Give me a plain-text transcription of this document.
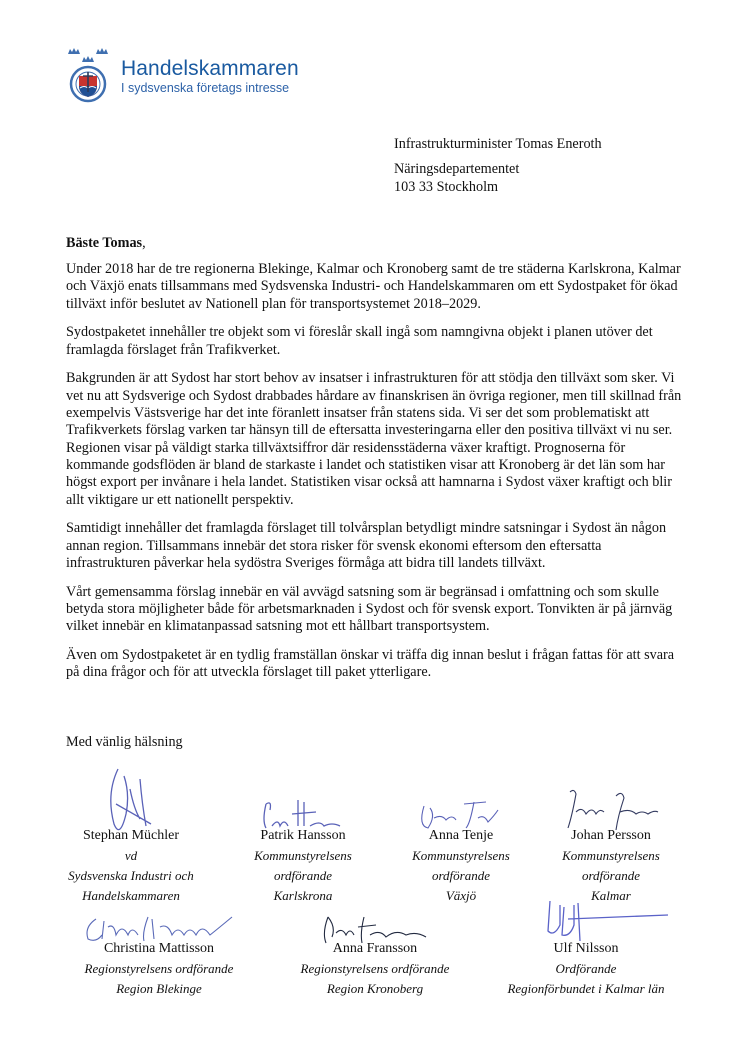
Handelskammaren
I sydsvenska företags intresse
Infrastrukturminister Tomas Eneroth
Näringsdepartementet
103 33 Stockholm
Bäste Tomas,

Under 2018 har de tre regionerna Blekinge, Kalmar och Kronoberg samt de tre städerna Karlskrona, Kalmar och Växjö enats tillsammans med Sydsvenska Industri- och Handelskammaren om ett Sydostpaket för ökad tillväxt inför beslutet av Nationell plan för transportsystemet 2018–2029.

Sydostpaketet innehåller tre objekt som vi föreslår skall ingå som namngivna objekt i planen utöver det framlagda förslaget från Trafikverket.

Bakgrunden är att Sydost har stort behov av insatser i infrastrukturen för att stödja den tillväxt som sker. Vi vet nu att Sydsverige och Sydost drabbades hårdare av finanskrisen än övriga regioner, men till skillnad från exempelvis Västsverige har det inte föranlett insatser från statens sida. Vi ser det som problematiskt att Trafikverkets förslag varken tar hänsyn till de eftersatta investeringarna eller den positiva tillväxt vi nu ser. Regionen visar på väldigt starka tillväxtsiffror där residensstäderna växer kraftigt. Prognoserna för kommande godsflöden är bland de starkaste i landet och statistiken visar att Kronoberg är det län som har högst export per invånare i hela landet. Statistiken visar också att hamnarna i Sydost växer kraftigt och blir allt viktigare ur ett nationellt perspektiv.

Samtidigt innehåller det framlagda förslaget till tolvårsplan betydligt mindre satsningar i Sydost än någon annan region. Tillsammans innebär det stora risker för svensk ekonomi eftersom den eftersatta infrastrukturen påverkar hela sydöstra Sveriges förmåga att bidra till landets tillväxt.

Vårt gemensamma förslag innebär en väl avvägd satsning som är begränsad i omfattning och som skulle betyda stora möjligheter både för arbetsmarknaden i Sydost och för svensk export. Tonvikten är på järnväg vilket innebär en klimatanpassad satsning mot ett hållbart transportsystem.

Även om Sydostpaketet är en tydlig framställan önskar vi träffa dig innan beslut i frågan fattas för att svara på dina frågor och för att utveckla förslaget till paket ytterligare.

Med vänlig hälsning
Stephan Müchler
vd
Sydsvenska Industri och
Handelskammaren
Patrik Hansson
Kommunstyrelsens
ordförande
Karlskrona
Anna Tenje
Kommunstyrelsens
ordförande
Växjö
Johan Persson
Kommunstyrelsens
ordförande
Kalmar
Christina Mattisson
Regionstyrelsens ordförande
Region Blekinge
Anna Fransson
Regionstyrelsens ordförande
Region Kronoberg
Ulf Nilsson
Ordförande
Regionförbundet i Kalmar län
